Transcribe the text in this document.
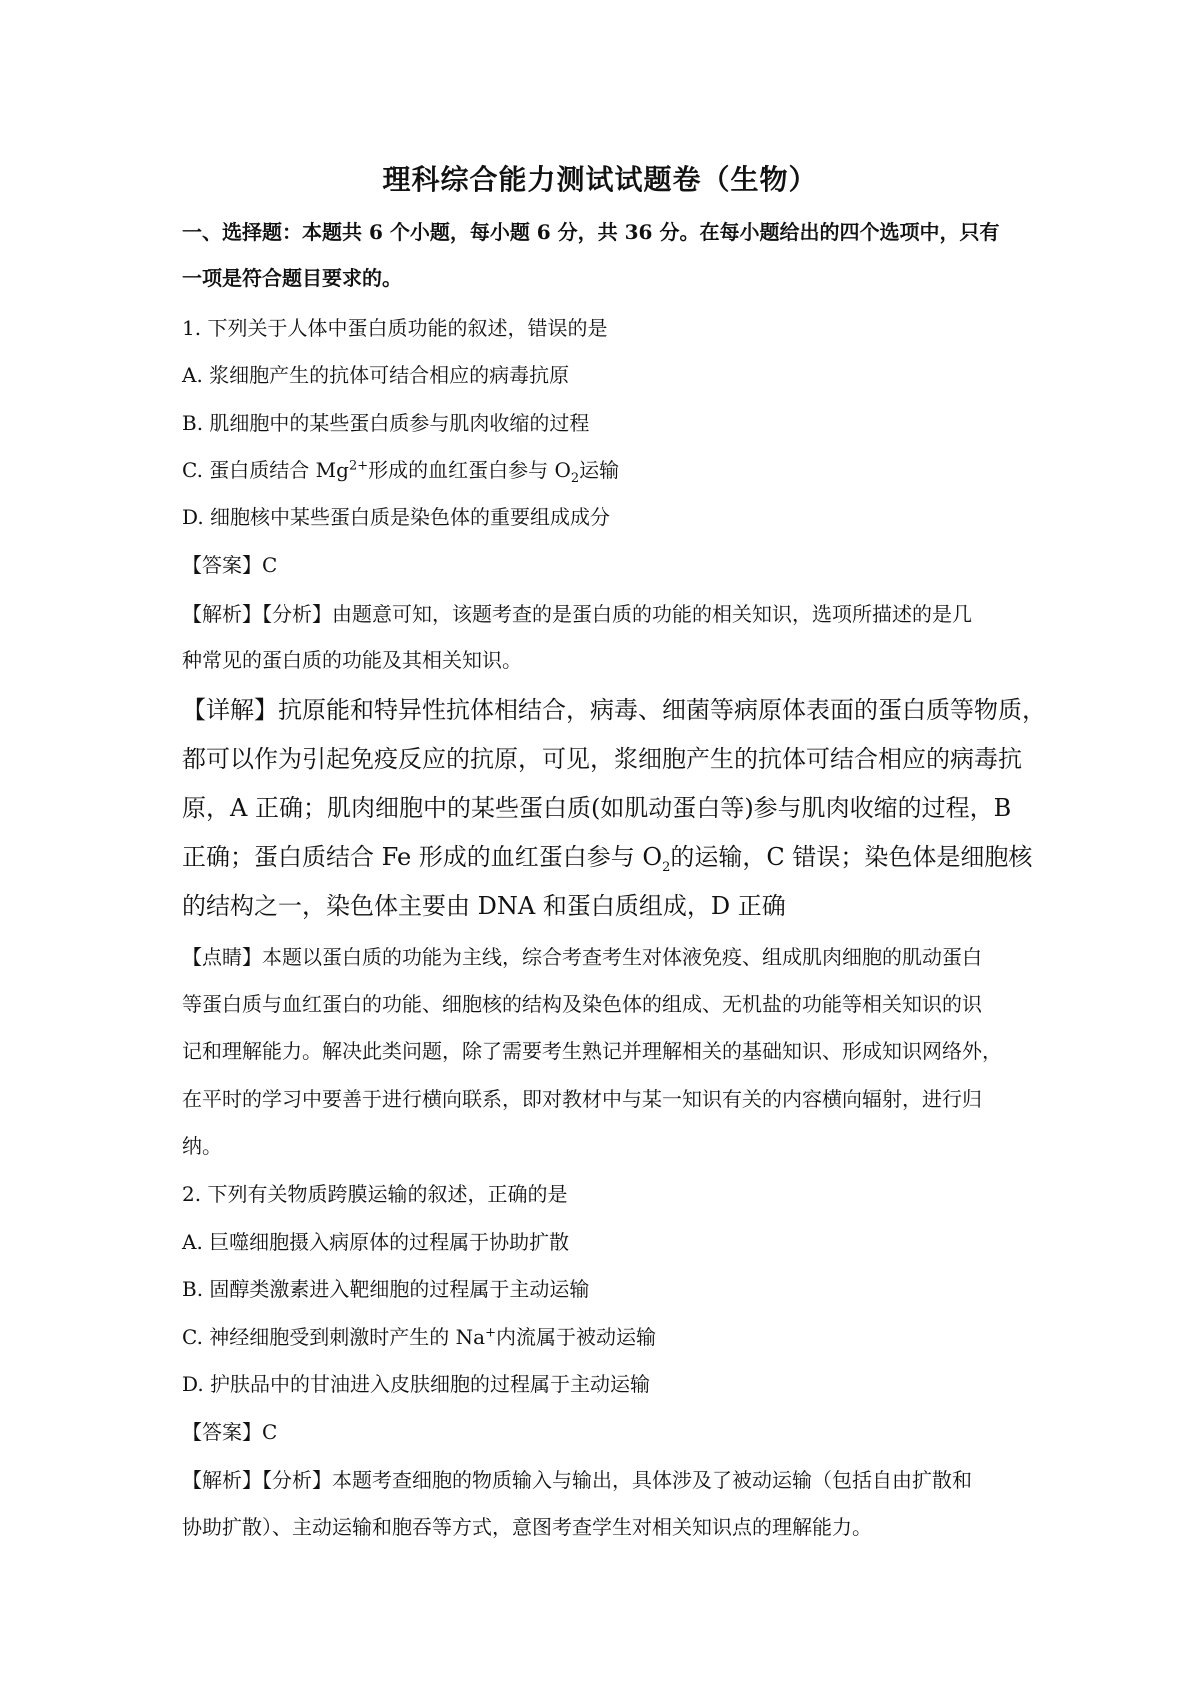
理科综合能力测试试题卷（生物）
一、选择题：本题共 6 个小题，每小题 6 分，共 36 分。在每小题给出的四个选项中，只有
一项是符合题目要求的。
1. 下列关于人体中蛋白质功能的叙述，错误的是
A. 浆细胞产生的抗体可结合相应的病毒抗原
B. 肌细胞中的某些蛋白质参与肌肉收缩的过程
C. 蛋白质结合 $Mg^{2+}$形成的血红蛋白参与 $O_2$运输
D. 细胞核中某些蛋白质是染色体的重要组成成分
【答案】C
【解析】【分析】由题意可知，该题考查的是蛋白质的功能的相关知识，选项所描述的是几
种常见的蛋白质的功能及其相关知识。
【详解】抗原能和特异性抗体相结合，病毒、细菌等病原体表面的蛋白质等物质，
都可以作为引起免疫反应的抗原，可见，浆细胞产生的抗体可结合相应的病毒抗
原，A 正确；肌肉细胞中的某些蛋白质(如肌动蛋白等)参与肌肉收缩的过程，B
正确；蛋白质结合 Fe 形成的血红蛋白参与 $O_2$的运输，C 错误；染色体是细胞核
的结构之一，染色体主要由 DNA 和蛋白质组成，D 正确
【点睛】本题以蛋白质的功能为主线，综合考查考生对体液免疫、组成肌肉细胞的肌动蛋白
等蛋白质与血红蛋白的功能、细胞核的结构及染色体的组成、无机盐的功能等相关知识的识
记和理解能力。解决此类问题，除了需要考生熟记并理解相关的基础知识、形成知识网络外，
在平时的学习中要善于进行横向联系，即对教材中与某一知识有关的内容横向辐射，进行归
纳。
2. 下列有关物质跨膜运输的叙述，正确的是
A. 巨噬细胞摄入病原体的过程属于协助扩散
B. 固醇类激素进入靶细胞的过程属于主动运输
C. 神经细胞受到刺激时产生的 Na+内流属于被动运输
D. 护肤品中的甘油进入皮肤细胞的过程属于主动运输
【答案】C
【解析】【分析】本题考查细胞的物质输入与输出，具体涉及了被动运输（包括自由扩散和
协助扩散）、主动运输和胞吞等方式，意图考查学生对相关知识点的理解能力。
